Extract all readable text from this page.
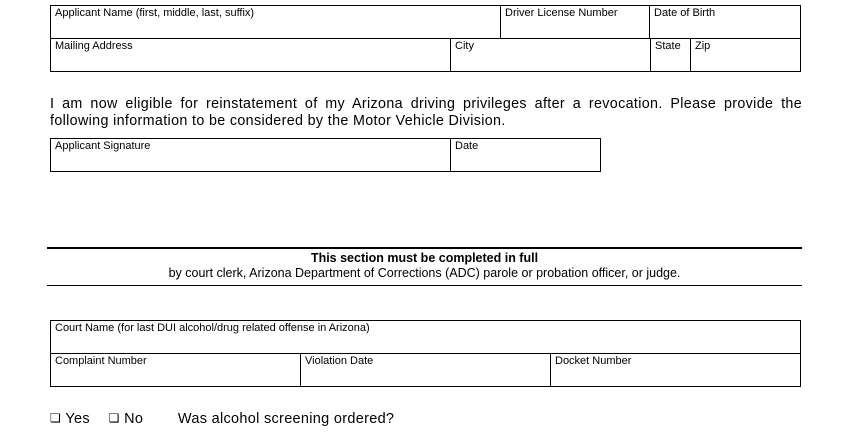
Applicant Name (first, middle, last, suffix)	Driver License Number	Date of Birth
Mailing Address	City	State	Zip
I am now eligible for reinstatement of my Arizona driving privileges after a revocation. Please provide the following information to be considered by the Motor Vehicle Division.
Applicant Signature	Date
This section must be completed in full
by court clerk, Arizona Department of Corrections (ADC) parole or probation officer, or judge.
Court Name (for last DUI alcohol/drug related offense in Arizona)
Complaint Number	Violation Date	Docket Number
❏ Yes ❏ No Was alcohol screening ordered?
